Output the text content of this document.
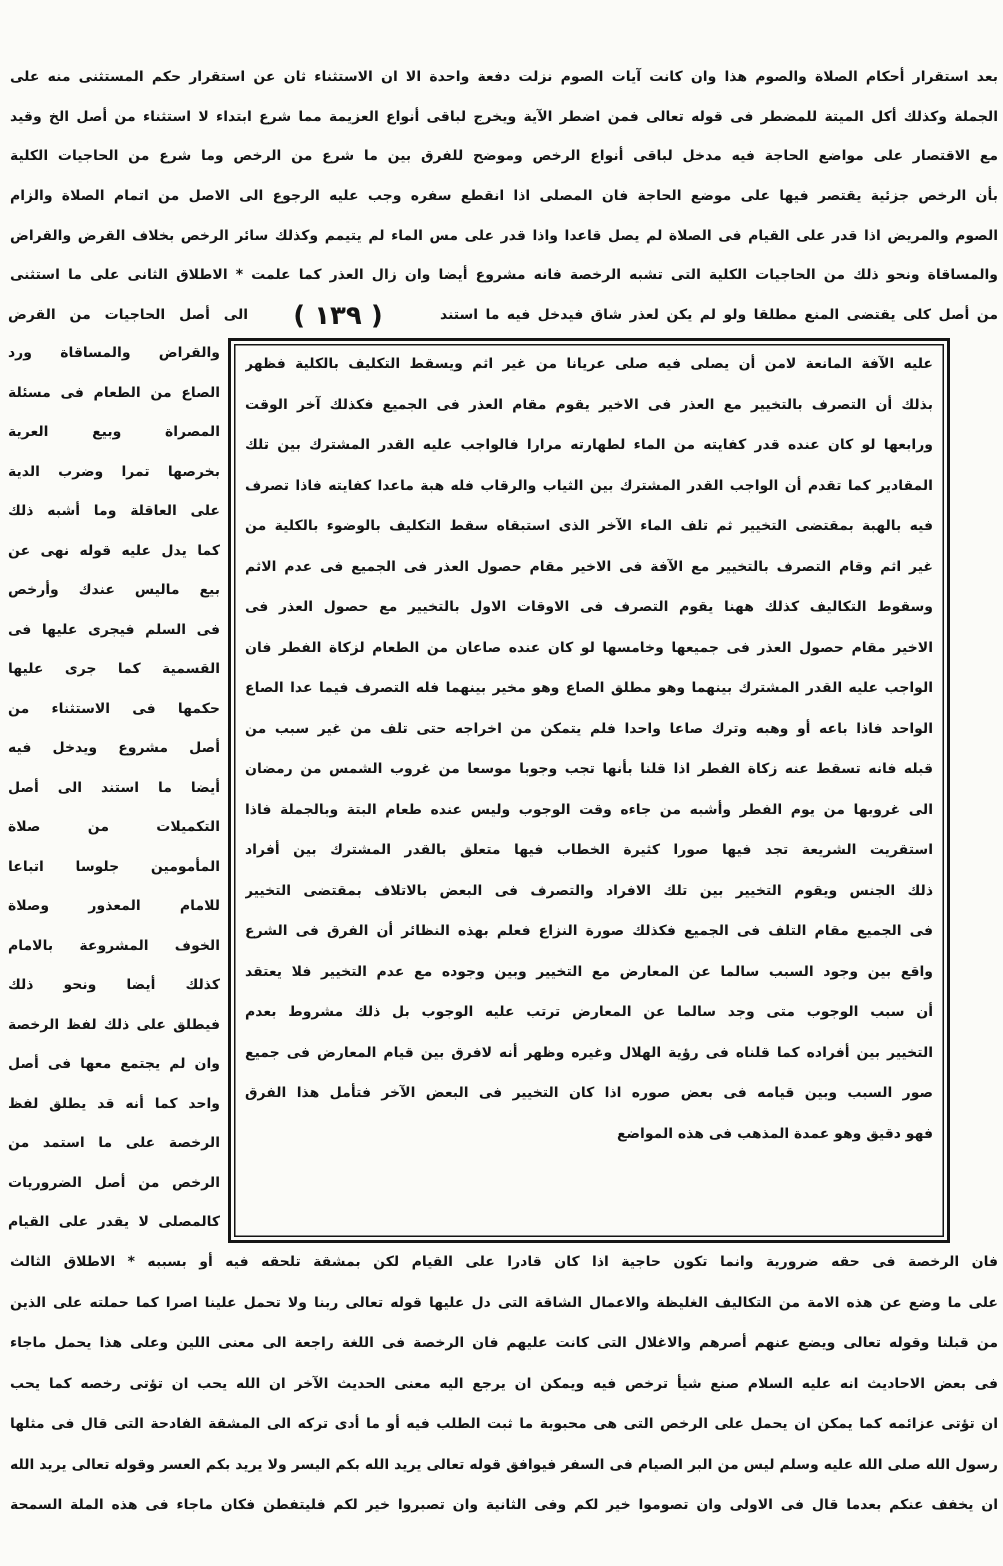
بعد استقرار أحكام الصلاة والصوم هذا وان كانت آيات الصوم نزلت دفعة واحدة الا ان الاستثناء ثان عن استقرار حكم المستثنى منه على
الجملة وكذلك أكل الميتة للمضطر فى قوله تعالى فمن اضطر الآية ويخرج لباقى أنواع العزيمة مما شرع ابتداء لا استثناء من أصل الخ وقيد
مع الاقتصار على مواضع الحاجة فيه مدخل لباقى أنواع الرخص وموضح للفرق بين ما شرع من الرخص وما شرع من الحاجيات الكلية
بأن الرخص جزئية يقتصر فيها على موضع الحاجة فان المصلى اذا انقطع سفره وجب عليه الرجوع الى الاصل من اتمام الصلاة والزام
الصوم والمريض اذا قدر على القيام فى الصلاة لم يصل قاعدا واذا قدر على مس الماء لم يتيمم وكذلك سائر الرخص بخلاف القرض والقراض
والمساقاة ونحو ذلك من الحاجيات الكلية التى تشبه الرخصة فانه مشروع أيضا وان زال العذر كما علمت * الاطلاق الثانى على ما استثنى
من أصل كلى يقتضى المنع مطلقا ولو لم يكن لعذر شاق فيدخل فيه ما استند
( ١٣٩ )
الى أصل الحاجيات من القرض
والقراض والمساقاة ورد
الصاع من الطعام فى مسئلة
المصراة وبيع العرية
بخرصها تمرا وضرب الدية
على العاقلة وما أشبه ذلك
كما يدل عليه قوله نهى عن
بيع ماليس عندك وأرخص
فى السلم فيجرى عليها فى
القسمية كما جرى عليها
حكمها فى الاستثناء من
أصل مشروع ويدخل فيه
أيضا ما استند الى أصل
التكميلات من صلاة
المأمومين جلوسا اتباعا
للامام المعذور وصلاة
الخوف المشروعة بالامام
كذلك أيضا ونحو ذلك
فيطلق على ذلك لفظ الرخصة
وان لم يجتمع معها فى أصل
واحد كما أنه قد يطلق لفظ
الرخصة على ما استمد من
الرخص من أصل الضروريات
كالمصلى لا يقدر على القيام
عليه الآفة المانعة لامن أن يصلى فيه صلى عريانا من غير اثم ويسقط التكليف بالكلية فظهر
بذلك أن التصرف بالتخيير مع العذر فى الاخير يقوم مقام العذر فى الجميع فكذلك آخر الوقت
ورابعها لو كان عنده قدر كفايته من الماء لطهارته مرارا فالواجب عليه القدر المشترك بين تلك
المقادير كما تقدم أن الواجب القدر المشترك بين الثياب والرقاب فله هبة ماعدا كفايته فاذا تصرف
فيه بالهبة بمقتضى التخيير ثم تلف الماء الآخر الذى استبقاه سقط التكليف بالوضوء بالكلية من
غير اثم وقام التصرف بالتخيير مع الآفة فى الاخير مقام حصول العذر فى الجميع فى عدم الاثم
وسقوط التكاليف كذلك ههنا يقوم التصرف فى الاوقات الاول بالتخيير مع حصول العذر فى
الاخير مقام حصول العذر فى جميعها وخامسها لو كان عنده صاعان من الطعام لزكاة الفطر فان
الواجب عليه القدر المشترك بينهما وهو مطلق الصاع وهو مخير بينهما فله التصرف فيما عدا الصاع
الواحد فاذا باعه أو وهبه وترك صاعا واحدا فلم يتمكن من اخراجه حتى تلف من غير سبب من
قبله فانه تسقط عنه زكاة الفطر اذا قلنا بأنها تجب وجوبا موسعا من غروب الشمس من رمضان
الى غروبها من يوم الفطر وأشبه من جاءه وقت الوجوب وليس عنده طعام البتة وبالجملة فاذا
استقريت الشريعة تجد فيها صورا كثيرة الخطاب فيها متعلق بالقدر المشترك بين أفراد
ذلك الجنس ويقوم التخيير بين تلك الافراد والتصرف فى البعض بالاتلاف بمقتضى التخيير
فى الجميع مقام التلف فى الجميع فكذلك صورة النزاع فعلم بهذه النظائر أن الفرق فى الشرع
واقع بين وجود السبب سالما عن المعارض مع التخيير وبين وجوده مع عدم التخيير فلا يعتقد
أن سبب الوجوب متى وجد سالما عن المعارض ترتب عليه الوجوب بل ذلك مشروط بعدم
التخيير بين أفراده كما قلناه فى رؤية الهلال وغيره وظهر أنه لافرق بين قيام المعارض فى جميع
صور السبب وبين قيامه فى بعض صوره اذا كان التخيير فى البعض الآخر فتأمل هذا الفرق
فهو دقيق وهو عمدة المذهب فى هذه المواضع
فان الرخصة فى حقه ضرورية وانما تكون حاجية اذا كان قادرا على القيام لكن بمشقة تلحقه فيه أو بسببه * الاطلاق الثالث
على ما وضع عن هذه الامة من التكاليف الغليظة والاعمال الشاقة التى دل عليها قوله تعالى ربنا ولا تحمل علينا اصرا كما حملته على الذين
من قبلنا وقوله تعالى ويضع عنهم أصرهم والاغلال التى كانت عليهم فان الرخصة فى اللغة راجعة الى معنى اللين وعلى هذا يحمل ماجاء
فى بعض الاحاديث انه عليه السلام صنع شيأ ترخص فيه ويمكن ان يرجع اليه معنى الحديث الآخر ان الله يحب ان تؤتى رخصه كما يحب
ان تؤتى عزائمه كما يمكن ان يحمل على الرخص التى هى محبوبة ما ثبت الطلب فيه أو ما أدى تركه الى المشقة الفادحة التى قال فى مثلها
رسول الله صلى الله عليه وسلم ليس من البر الصيام فى السفر فيوافق قوله تعالى يريد الله بكم اليسر ولا يريد بكم العسر وقوله تعالى يريد الله
ان يخفف عنكم بعدما قال فى الاولى وان تصوموا خير لكم وفى الثانية وان تصبروا خير لكم فليتفطن فكان ماجاء فى هذه الملة السمحة
